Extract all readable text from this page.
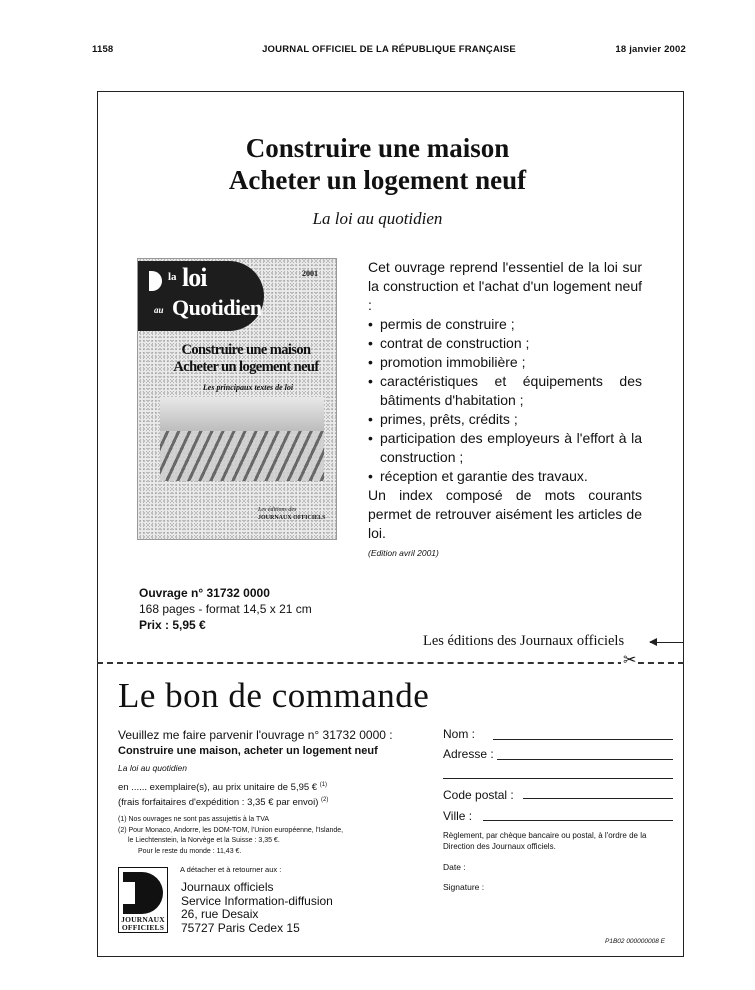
1158	JOURNAL OFFICIEL DE LA RÉPUBLIQUE FRANÇAISE	18 janvier 2002
Construire une maison
Acheter un logement neuf
La loi au quotidien
la loi
au Quotidien
2001
Construire une maison
Acheter un logement neuf
Les principaux textes de loi
Les éditions des
JOURNAUX OFFICIELS

Cet ouvrage reprend l'essentiel de la loi sur la construction et l'achat d'un logement neuf :

• permis de construire ;
• contrat de construction ;
• promotion immobilière ;
• caractéristiques et équipements des bâtiments d'habitation ;
• primes, prêts, crédits ;
• participation des employeurs à l'effort à la construction ;
• réception et garantie des travaux.

Un index composé de mots courants permet de retrouver aisément les articles de loi.

(Edition avril 2001)

Ouvrage n° 31732 0000
168 pages - format 14,5 x 21 cm
Prix : 5,95 €
Les éditions des Journaux officiels
✂
Le bon de commande
Veuillez me faire parvenir l'ouvrage n° 31732 0000 :
Construire une maison, acheter un logement neuf
La loi au quotidien
en ...... exemplaire(s), au prix unitaire de 5,95 € $^{(1)}$
(frais forfaitaires d'expédition : 3,35 € par envoi) $^{(2)}$
(1) Nos ouvrages ne sont pas assujettis à la TVA
(2) Pour Monaco, Andorre, les DOM-TOM, l'Union européenne, l'Islande,
le Liechtenstein, la Norvège et la Suisse : 3,35 €.
Pour le reste du monde : 11,43 €.
A détacher et à retourner aux :
JOURNAUX
OFFICIELS
Journaux officiels
Service Information-diffusion
26, rue Desaix
75727 Paris Cedex 15
Nom :
Adresse :
Code postal :
Ville :
Règlement, par chèque bancaire ou postal, à l'ordre de la Direction des Journaux officiels.
Date :
Signature :
P1B02 000000008 E
